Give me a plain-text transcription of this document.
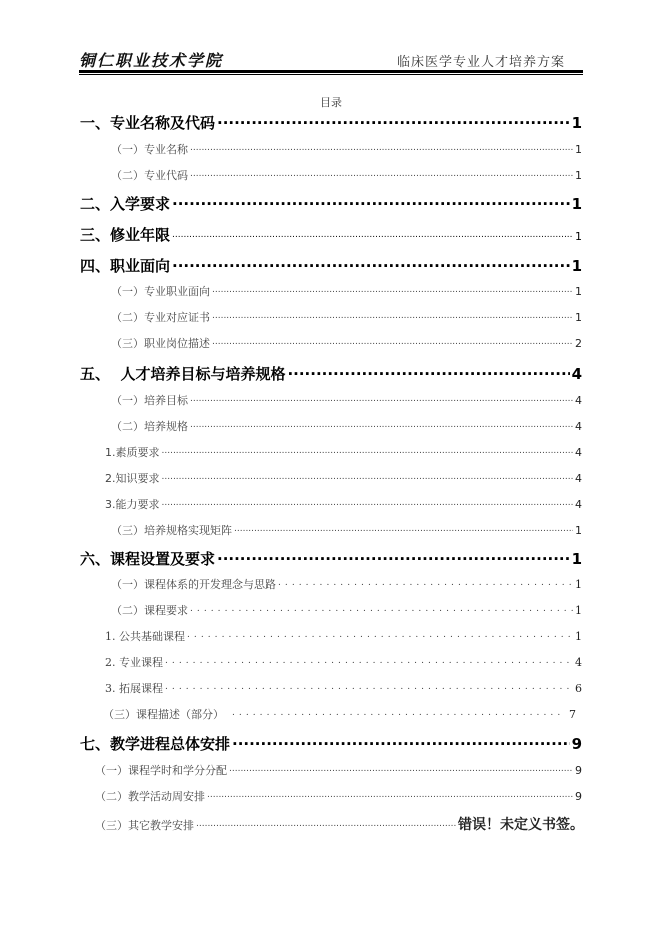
铜仁职业技术学院	临床医学专业人才培养方案
目录
一、专业名称及代码 .....	1
（一）专业名称 .....	1
（二）专业代码 .....	1
二、入学要求 .....	1
三、修业年限 .....	1
四、职业面向 .....	1
（一）专业职业面向 .....	1
（二）专业对应证书 .....	1
（三）职业岗位描述 .....	2
五、  人才培养目标与培养规格 .....	4
（一）培养目标 .....	4
（二）培养规格 .....	4
1.素质要求 .....	4
2.知识要求 .....	4
3.能力要求 .....	4
（三）培养规格实现矩阵 .....	1
六、课程设置及要求 .....	1
（一）课程体系的开发理念与思路 . . .	1
（二）课程要求 . . .	1
1. 公共基础课程 . . .	1
2. 专业课程 . . .	4
3. 拓展课程 . . .	6
（三）课程描述（部分） . . .	7
七、教学进程总体安排 .....	9
（一）课程学时和学分分配 .....	9
（二）教学活动周安排 .....	9
（三）其它教学安排 .....	错误！未定义书签。
